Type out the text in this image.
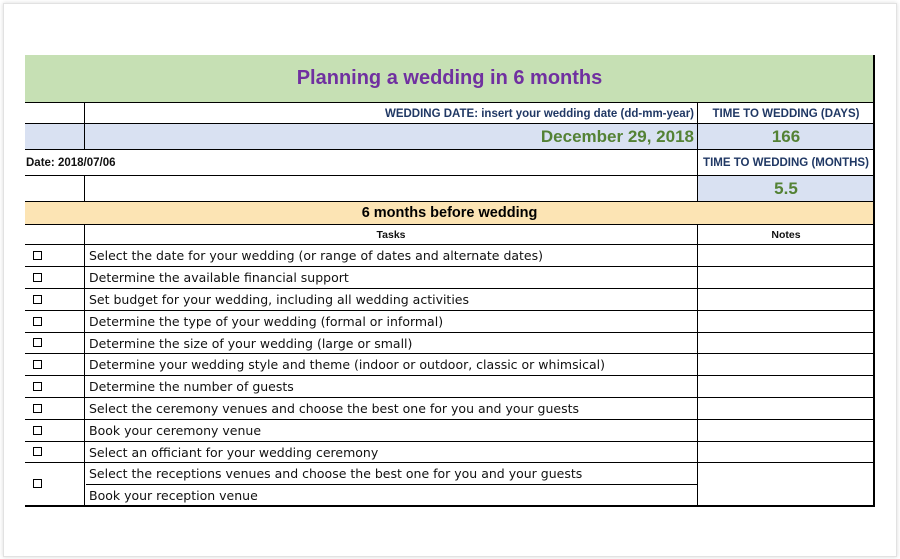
Planning a wedding in 6 months
WEDDING DATE: insert your wedding date (dd-mm-year)	TIME TO WEDDING (DAYS)
December 29, 2018	166
Date: 2018/07/06	TIME TO WEDDING (MONTHS)
5.5
6 months before wedding
Tasks	Notes
Select the date for your wedding (or range of dates and alternate dates)
Determine the available financial support
Set budget for your wedding, including all wedding activities
Determine the type of your wedding (formal or informal)
Determine the size of your wedding (large or small)
Determine your wedding style and theme (indoor or outdoor, classic or whimsical)
Determine the number of guests
Select the ceremony venues and choose the best one for you and your guests
Book your ceremony venue
Select an officiant for your wedding ceremony
Select the receptions venues and choose the best one for you and your guests
Book your reception venue
